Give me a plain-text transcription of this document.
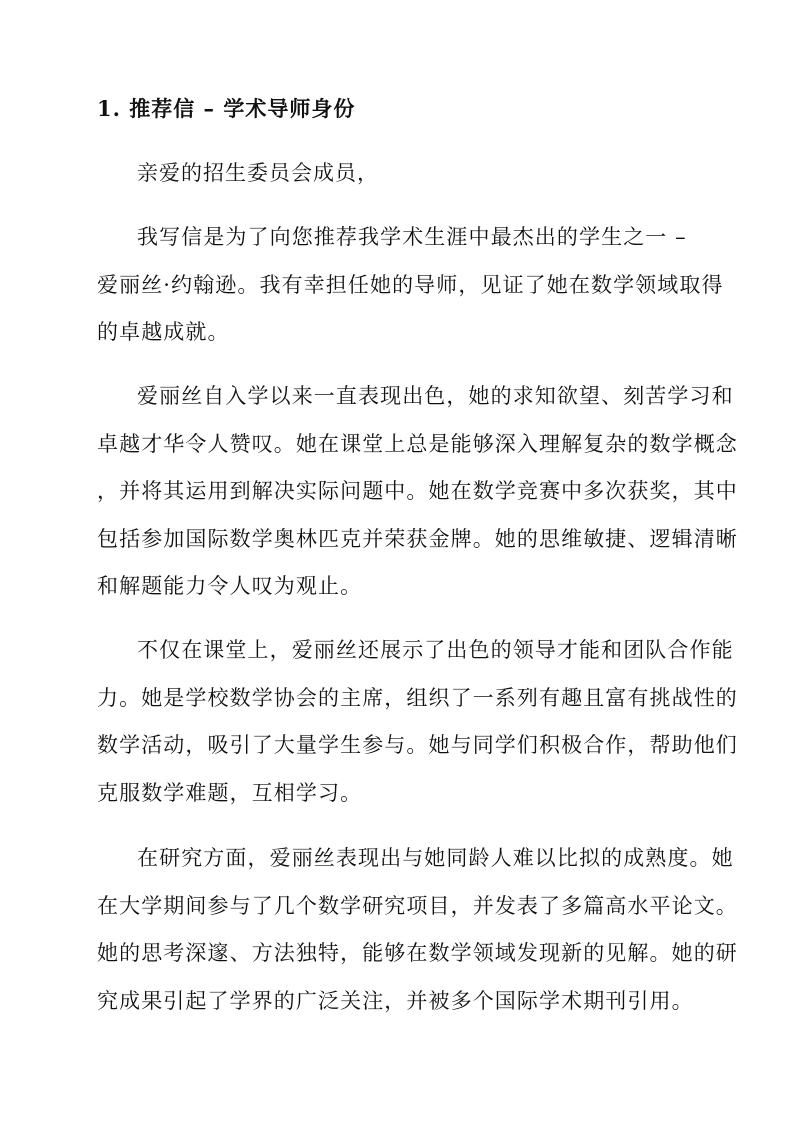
1. 推荐信 – 学术导师身份
亲爱的招生委员会成员，
我写信是为了向您推荐我学术生涯中最杰出的学生之一 –
爱丽丝·约翰逊。我有幸担任她的导师，见证了她在数学领域取得
的卓越成就。
爱丽丝自入学以来一直表现出色，她的求知欲望、刻苦学习和
卓越才华令人赞叹。她在课堂上总是能够深入理解复杂的数学概念
，并将其运用到解决实际问题中。她在数学竞赛中多次获奖，其中
包括参加国际数学奥林匹克并荣获金牌。她的思维敏捷、逻辑清晰
和解题能力令人叹为观止。
不仅在课堂上，爱丽丝还展示了出色的领导才能和团队合作能
力。她是学校数学协会的主席，组织了一系列有趣且富有挑战性的
数学活动，吸引了大量学生参与。她与同学们积极合作，帮助他们
克服数学难题，互相学习。
在研究方面，爱丽丝表现出与她同龄人难以比拟的成熟度。她
在大学期间参与了几个数学研究项目，并发表了多篇高水平论文。
她的思考深邃、方法独特，能够在数学领域发现新的见解。她的研
究成果引起了学界的广泛关注，并被多个国际学术期刊引用。
